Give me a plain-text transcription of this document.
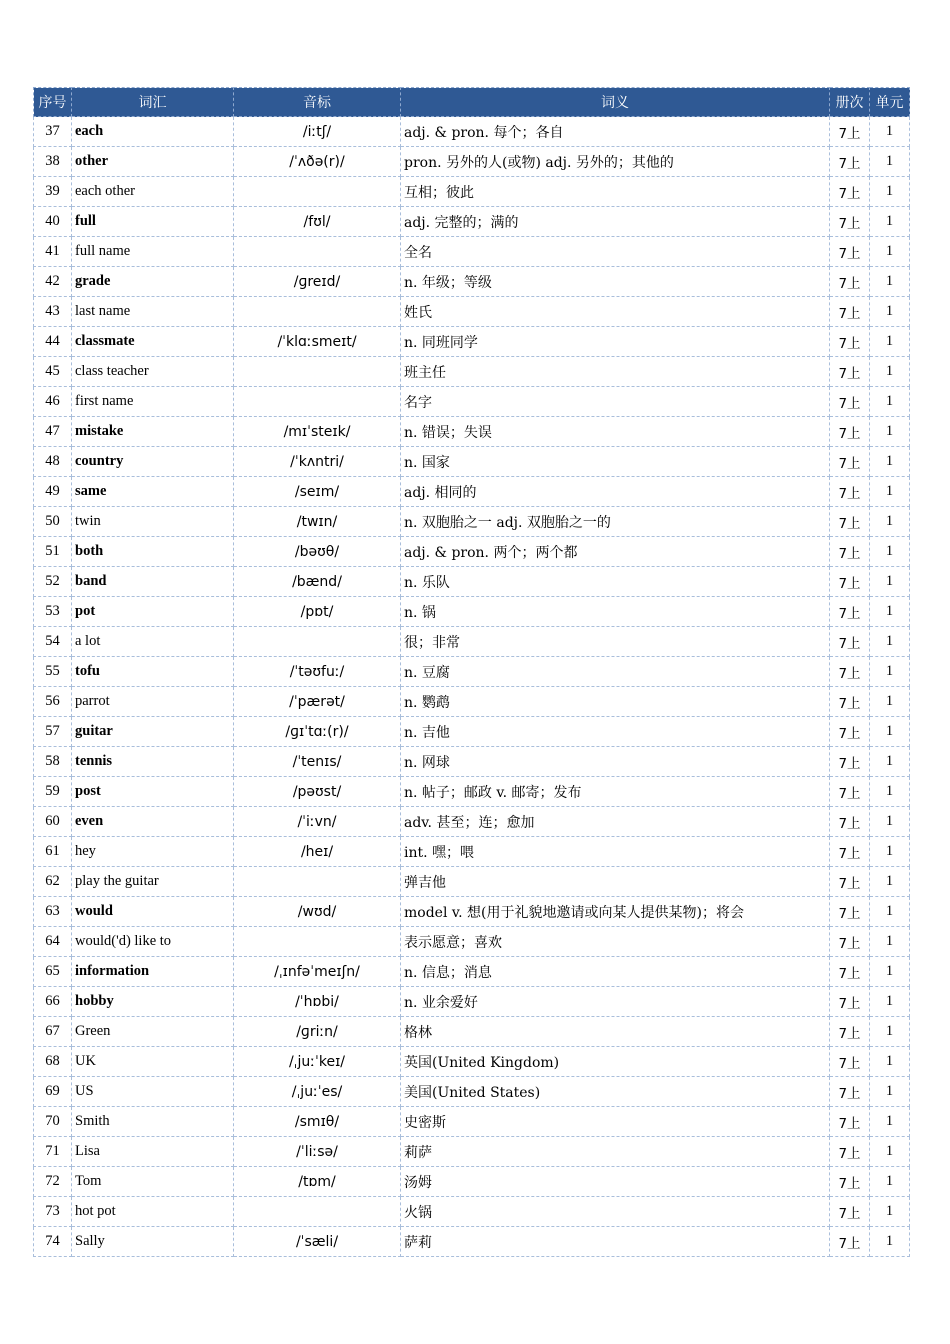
序号	词汇	音标	词义	册次	单元
37	each	/iːtʃ/	adj. & pron. 每个；各自	7上	1
38	other	/ˈʌðə(r)/	pron. 另外的人(或物) adj. 另外的；其他的	7上	1
39	each other		互相；彼此	7上	1
40	full	/fʊl/	adj. 完整的；满的	7上	1
41	full name		全名	7上	1
42	grade	/ɡreɪd/	n. 年级；等级	7上	1
43	last name		姓氏	7上	1
44	classmate	/ˈklɑːsmeɪt/	n. 同班同学	7上	1
45	class teacher		班主任	7上	1
46	first name		名字	7上	1
47	mistake	/mɪˈsteɪk/	n. 错误；失误	7上	1
48	country	/ˈkʌntri/	n. 国家	7上	1
49	same	/seɪm/	adj. 相同的	7上	1
50	twin	/twɪn/	n. 双胞胎之一 adj. 双胞胎之一的	7上	1
51	both	/bəʊθ/	adj. & pron. 两个；两个都	7上	1
52	band	/bænd/	n. 乐队	7上	1
53	pot	/pɒt/	n. 锅	7上	1
54	a lot		很；非常	7上	1
55	tofu	/ˈtəʊfuː/	n. 豆腐	7上	1
56	parrot	/ˈpærət/	n. 鹦鹉	7上	1
57	guitar	/ɡɪˈtɑː(r)/	n. 吉他	7上	1
58	tennis	/ˈtenɪs/	n. 网球	7上	1
59	post	/pəʊst/	n. 帖子；邮政 v. 邮寄；发布	7上	1
60	even	/ˈiːvn/	adv. 甚至；连；愈加	7上	1
61	hey	/heɪ/	int. 嘿；喂	7上	1
62	play the guitar		弹吉他	7上	1
63	would	/wʊd/	model v. 想(用于礼貌地邀请或向某人提供某物)；将会	7上	1
64	would('d) like to		表示愿意；喜欢	7上	1
65	information	/ˌɪnfəˈmeɪʃn/	n. 信息；消息	7上	1
66	hobby	/ˈhɒbi/	n. 业余爱好	7上	1
67	Green	/ɡriːn/	格林	7上	1
68	UK	/ˌjuːˈkeɪ/	英国(United Kingdom)	7上	1
69	US	/ˌjuːˈes/	美国(United States)	7上	1
70	Smith	/smɪθ/	史密斯	7上	1
71	Lisa	/ˈliːsə/	莉萨	7上	1
72	Tom	/tɒm/	汤姆	7上	1
73	hot pot		火锅	7上	1
74	Sally	/ˈsæli/	萨莉	7上	1
